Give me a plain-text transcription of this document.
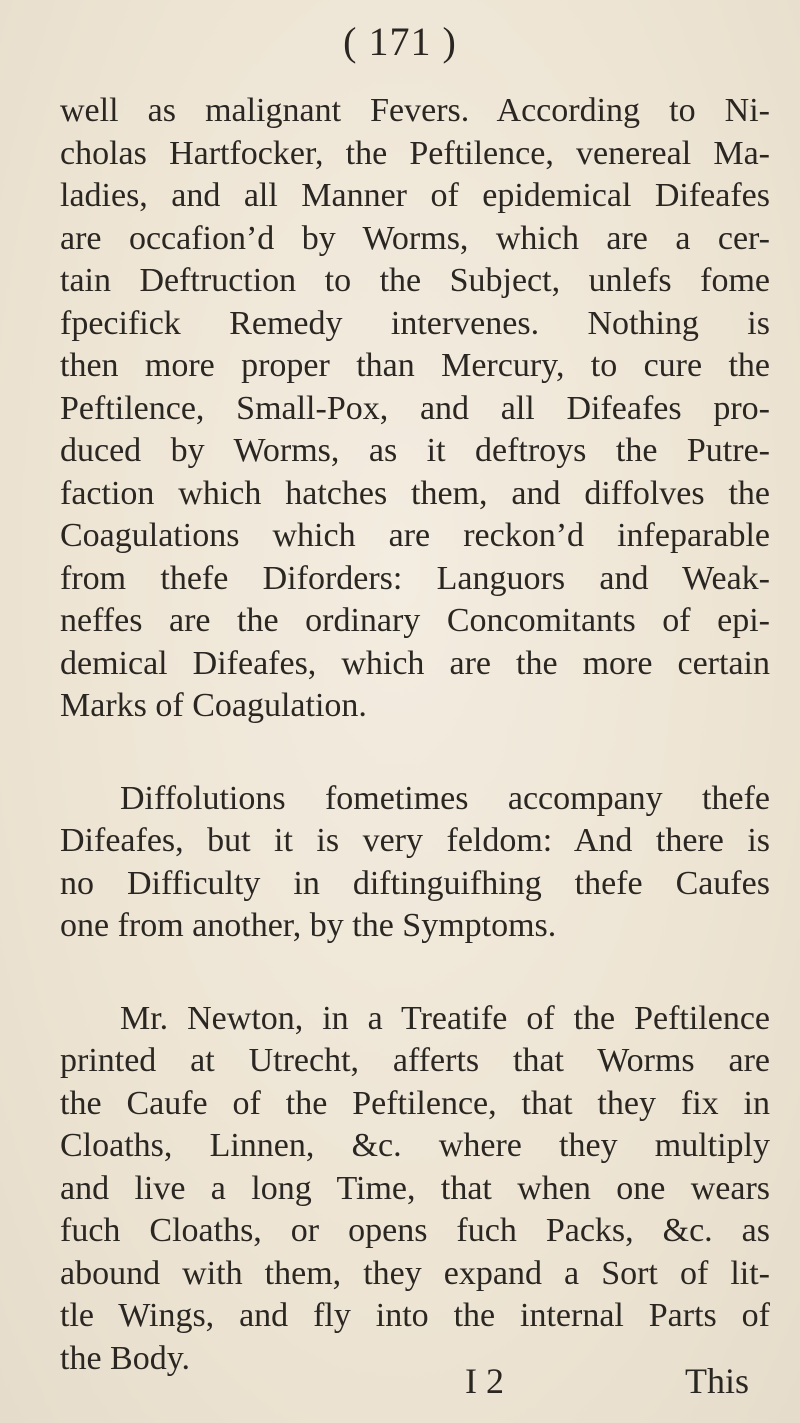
( 171 )
well as malignant Fevers. According to Ni-
cholas Hartfocker, the Peftilence, venereal Ma-
ladies, and all Manner of epidemical Difeafes
are occafion’d by Worms, which are a cer-
tain Deftruction to the Subject, unlefs fome
fpecifick Remedy intervenes. Nothing is
then more proper than Mercury, to cure the
Peftilence, Small-Pox, and all Difeafes pro-
duced by Worms, as it deftroys the Putre-
faction which hatches them, and diffolves the
Coagulations which are reckon’d infeparable
from thefe Diforders: Languors and Weak-
neffes are the ordinary Concomitants of epi-
demical Difeafes, which are the more certain
Marks of Coagulation.
Diffolutions fometimes accompany thefe
Difeafes, but it is very feldom: And there is
no Difficulty in diftinguifhing thefe Caufes
one from another, by the Symptoms.
Mr. Newton, in a Treatife of the Peftilence
printed at Utrecht, afferts that Worms are
the Caufe of the Peftilence, that they fix in
Cloaths, Linnen, &c. where they multiply
and live a long Time, that when one wears
fuch Cloaths, or opens fuch Packs, &c. as
abound with them, they expand a Sort of lit-
tle Wings, and fly into the internal Parts of
the Body.
I 2	This
